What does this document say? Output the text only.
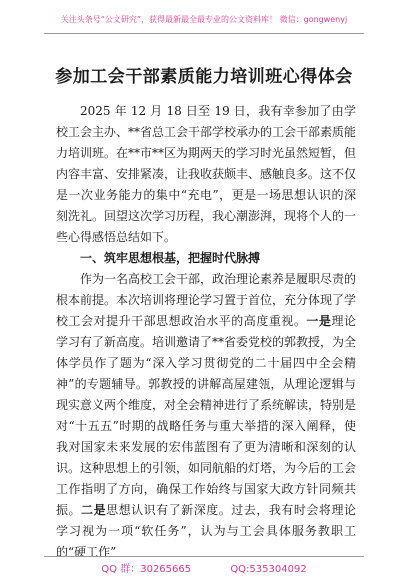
关注头条号“公文研究”，获得最新最全最专业的公文资料库！ 微信：gongwenyj
参加工会干部素质能力培训班心得体会

2025 年 12 月 18 日至 19 日，我有幸参加了由学校工会主办、**省总工会干部学校承办的工会干部素质能力培训班。在**市**区为期两天的学习时光虽然短暂，但内容丰富、安排紧凑，让我收获颇丰、感触良多。这不仅是一次业务能力的集中“充电”，更是一场思想认识的深刻洗礼。回望这次学习历程，我心潮澎湃，现将个人的一些心得感悟总结如下。

一、筑牢思想根基，把握时代脉搏

作为一名高校工会干部，政治理论素养是履职尽责的根本前提。本次培训将理论学习置于首位，充分体现了学校工会对提升干部思想政治水平的高度重视。一是理论学习有了新高度。培训邀请了**省委党校的郭教授，为全体学员作了题为“深入学习贯彻党的二十届四中全会精神”的专题辅导。郭教授的讲解高屋建瓴，从理论逻辑与现实意义两个维度，对全会精神进行了系统解读，特别是对“十五五”时期的战略任务与重大举措的深入阐释，使我对国家未来发展的宏伟蓝图有了更为清晰和深刻的认识。这种思想上的引领，如同航船的灯塔，为今后的工会工作指明了方向，确保工作始终与国家大政方针同频共振。二是思想认识有了新深度。过去，我有时会将理论学习视为一项“软任务”，认为与工会具体服务教职工的“硬工作”

QQ 群：30265665	QQ:535304092
